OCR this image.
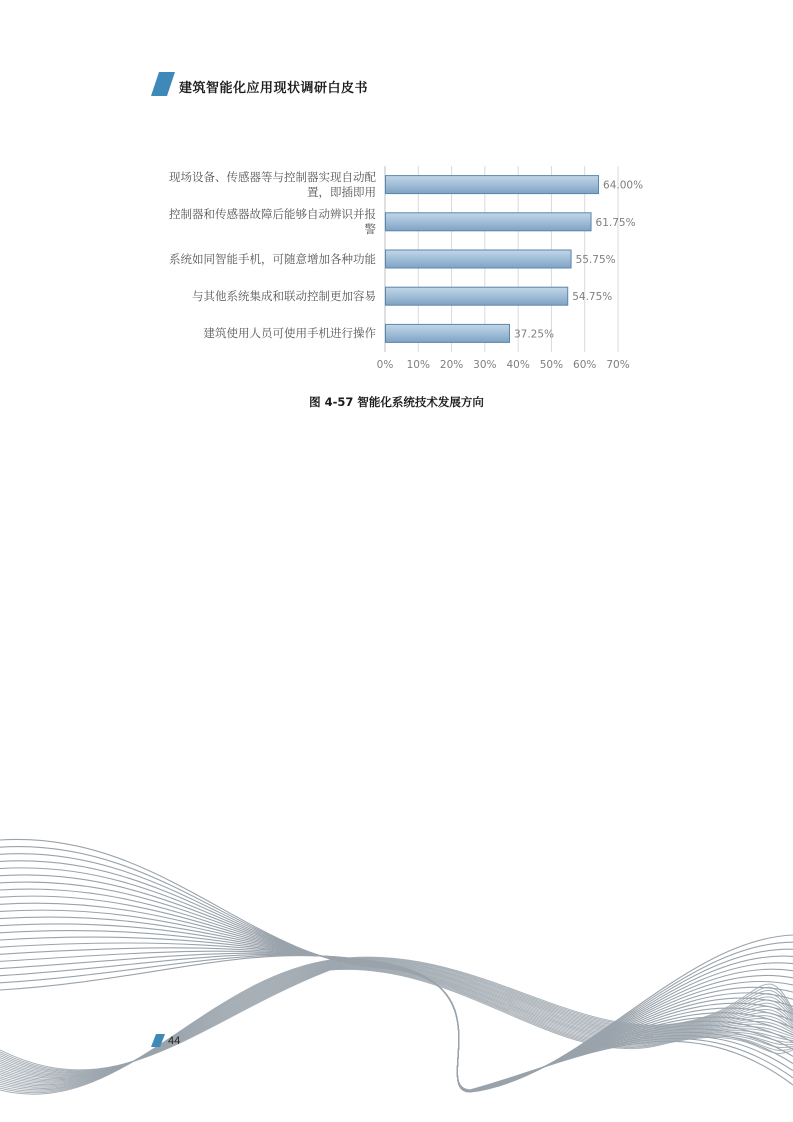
建筑智能化应用现状调研白皮书
0% 10% 20% 30% 40% 50% 60% 70%
64.00%
61.75%
55.75%
54.75%
37.25%
现场设备、传感器等与控制器实现自动配
置，即插即用
控制器和传感器故障后能够自动辨识并报
警
系统如同智能手机，可随意增加各种功能
与其他系统集成和联动控制更加容易
建筑使用人员可使用手机进行操作
图 4-57 智能化系统技术发展方向
44
